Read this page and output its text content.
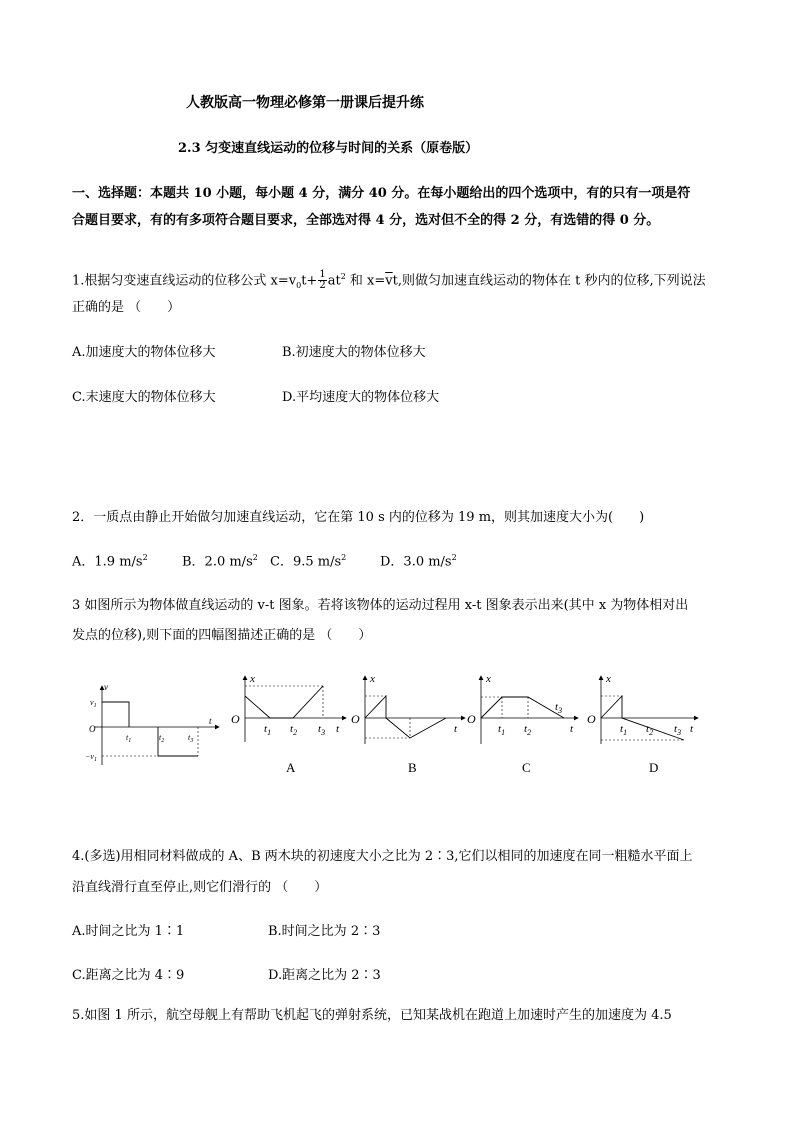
人教版高一物理必修第一册课后提升练
2.3 匀变速直线运动的位移与时间的关系（原卷版）
一、选择题：本题共 10 小题，每小题 4 分，满分 40 分。在每小题给出的四个选项中，有的只有一项是符
合题目要求，有的有多项符合题目要求，全部选对得 4 分，选对但不全的得 2 分，有选错的得 0 分。
1.根据匀变速直线运动的位移公式 $x=v_0t+ \frac{1}{2} at^2$ 和 $x=\overline{v}t$,则做匀加速直线运动的物体在 t 秒内的位移,下列说法
正确的是 （　　）
A.加速度大的物体位移大	B.初速度大的物体位移大
C.末速度大的物体位移大	D.平均速度大的物体位移大
2．一质点由静止开始做匀加速直线运动，它在第 10 s 内的位移为 19 m，则其加速度大小为(　　)
A．1.9 $m/s^2$	B．2.0 $m/s^2$ C．9.5 $m/s^2$	D．3.0 $m/s^2$
3 如图所示为物体做直线运动的 v-t 图象。若将该物体的运动过程用 x-t 图象表示出来(其中 x 为物体相对出
发点的位移),则下面的四幅图描述正确的是 （　　）
v
$v_1$
O
$-v_1$
$t_1$	$t_2$	$t_3$
t
x
O
$t_1$ $t_2$ $t_3$ t
A
x
O
t
B
x
O
$t_1$ $t_2$
$t_3$
t
C
x
O
$t_1$ $t_2$ $t_3$ t
D
4.(多选)用相同材料做成的 A、B 两木块的初速度大小之比为 2∶3,它们以相同的加速度在同一粗糙水平面上
沿直线滑行直至停止,则它们滑行的 （　　）
A.时间之比为 1∶1	B.时间之比为 2∶3
C.距离之比为 4∶9	D.距离之比为 2∶3
5.如图 1 所示，航空母舰上有帮助飞机起飞的弹射系统，已知某战机在跑道上加速时产生的加速度为 4.5
